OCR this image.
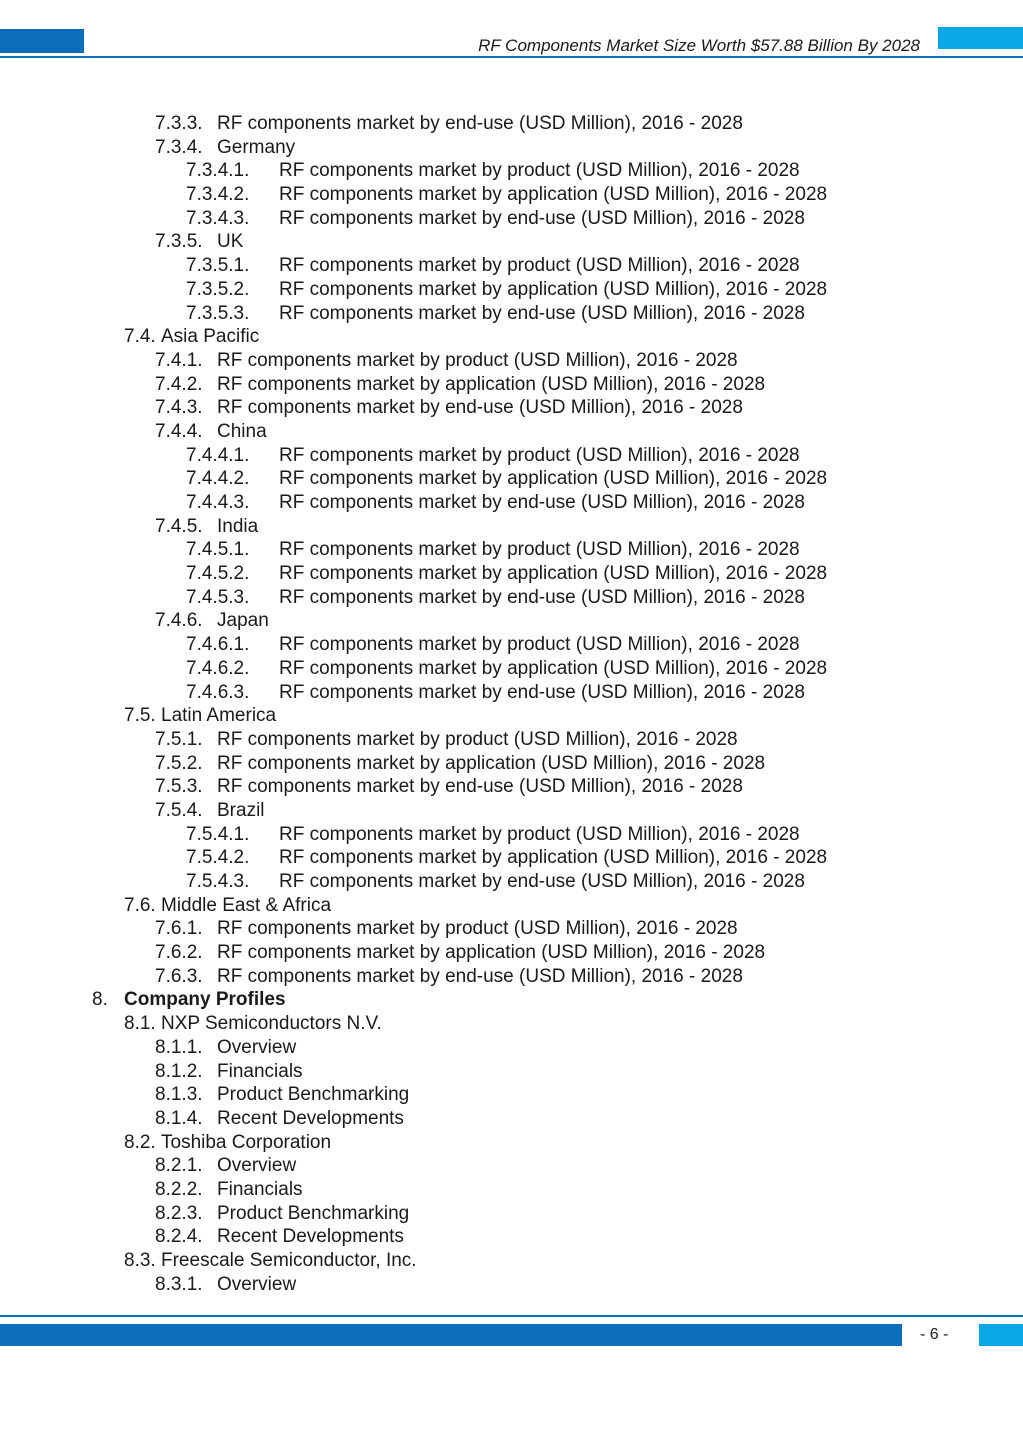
RF Components Market Size Worth $57.88 Billion By 2028
7.3.3. RF components market by end-use (USD Million), 2016 - 2028
7.3.4. Germany
7.3.4.1. RF components market by product (USD Million), 2016 - 2028
7.3.4.2. RF components market by application (USD Million), 2016 - 2028
7.3.4.3. RF components market by end-use (USD Million), 2016 - 2028
7.3.5. UK
7.3.5.1. RF components market by product (USD Million), 2016 - 2028
7.3.5.2. RF components market by application (USD Million), 2016 - 2028
7.3.5.3. RF components market by end-use (USD Million), 2016 - 2028
7.4. Asia Pacific
7.4.1. RF components market by product (USD Million), 2016 - 2028
7.4.2. RF components market by application (USD Million), 2016 - 2028
7.4.3. RF components market by end-use (USD Million), 2016 - 2028
7.4.4. China
7.4.4.1. RF components market by product (USD Million), 2016 - 2028
7.4.4.2. RF components market by application (USD Million), 2016 - 2028
7.4.4.3. RF components market by end-use (USD Million), 2016 - 2028
7.4.5. India
7.4.5.1. RF components market by product (USD Million), 2016 - 2028
7.4.5.2. RF components market by application (USD Million), 2016 - 2028
7.4.5.3. RF components market by end-use (USD Million), 2016 - 2028
7.4.6. Japan
7.4.6.1. RF components market by product (USD Million), 2016 - 2028
7.4.6.2. RF components market by application (USD Million), 2016 - 2028
7.4.6.3. RF components market by end-use (USD Million), 2016 - 2028
7.5. Latin America
7.5.1. RF components market by product (USD Million), 2016 - 2028
7.5.2. RF components market by application (USD Million), 2016 - 2028
7.5.3. RF components market by end-use (USD Million), 2016 - 2028
7.5.4. Brazil
7.5.4.1. RF components market by product (USD Million), 2016 - 2028
7.5.4.2. RF components market by application (USD Million), 2016 - 2028
7.5.4.3. RF components market by end-use (USD Million), 2016 - 2028
7.6. Middle East & Africa
7.6.1. RF components market by product (USD Million), 2016 - 2028
7.6.2. RF components market by application (USD Million), 2016 - 2028
7.6.3. RF components market by end-use (USD Million), 2016 - 2028
8. Company Profiles
8.1. NXP Semiconductors N.V.
8.1.1. Overview
8.1.2. Financials
8.1.3. Product Benchmarking
8.1.4. Recent Developments
8.2. Toshiba Corporation
8.2.1. Overview
8.2.2. Financials
8.2.3. Product Benchmarking
8.2.4. Recent Developments
8.3. Freescale Semiconductor, Inc.
8.3.1. Overview
- 6 -
